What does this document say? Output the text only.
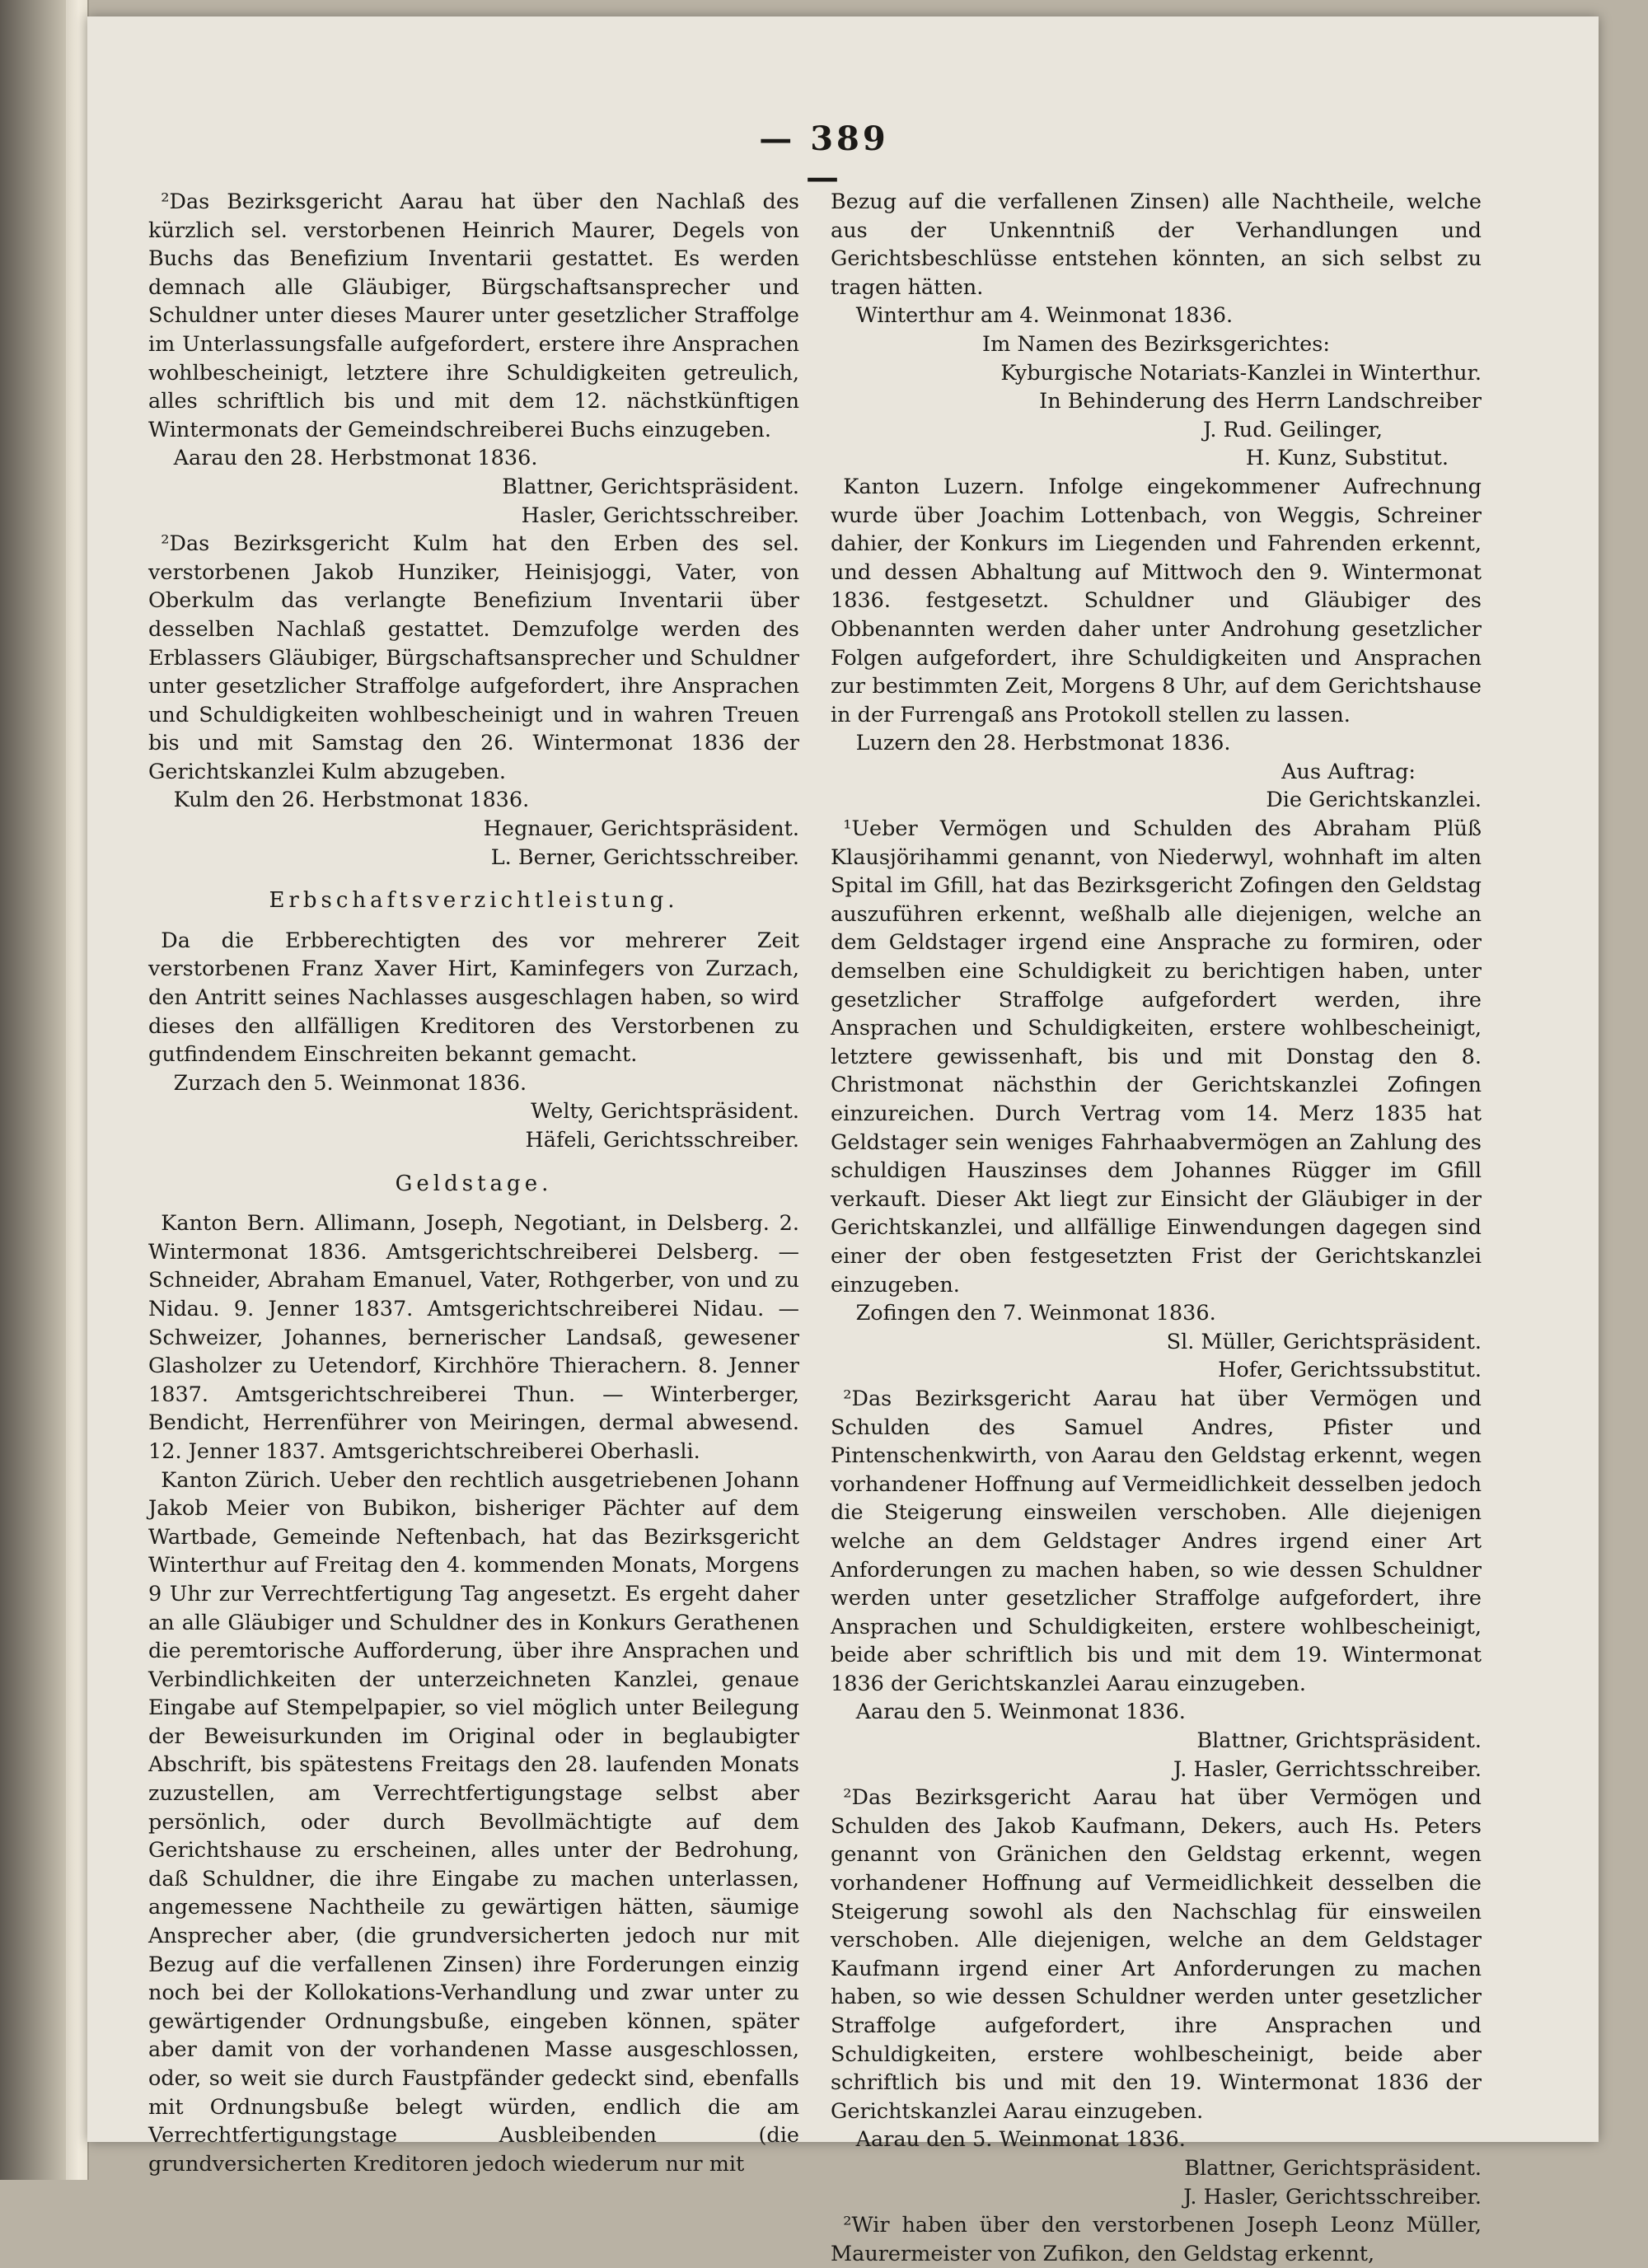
— 389 —

²Das Bezirksgericht Aarau hat über den Nachlaß des kürzlich sel. verstorbenen Heinrich Maurer, Degels von Buchs das Benefizium Inventarii gestattet. Es werden demnach alle Gläubiger, Bürgschaftsansprecher und Schuldner unter dieses Maurer unter gesetzlicher Straffolge im Unterlassungsfalle aufgefordert, erstere ihre Ansprachen wohlbescheinigt, letztere ihre Schuldigkeiten getreulich, alles schriftlich bis und mit dem 12. nächstkünftigen Wintermonats der Gemeindschreiberei Buchs einzugeben.

Aarau den 28. Herbstmonat 1836.

Blattner, Gerichtspräsident.

Hasler, Gerichtsschreiber.

²Das Bezirksgericht Kulm hat den Erben des sel. verstorbenen Jakob Hunziker, Heinisjoggi, Vater, von Oberkulm das verlangte Benefizium Inventarii über desselben Nachlaß gestattet. Demzufolge werden des Erblassers Gläubiger, Bürgschaftsansprecher und Schuldner unter gesetzlicher Straffolge aufgefordert, ihre Ansprachen und Schuldigkeiten wohlbescheinigt und in wahren Treuen bis und mit Samstag den 26. Wintermonat 1836 der Gerichtskanzlei Kulm abzugeben.

Kulm den 26. Herbstmonat 1836.

Hegnauer, Gerichtspräsident.

L. Berner, Gerichtsschreiber.

Erbschaftsverzichtleistung.

Da die Erbberechtigten des vor mehrerer Zeit verstorbenen Franz Xaver Hirt, Kaminfegers von Zurzach, den Antritt seines Nachlasses ausgeschlagen haben, so wird dieses den allfälligen Kreditoren des Verstorbenen zu gutfindendem Einschreiten bekannt gemacht.

Zurzach den 5. Weinmonat 1836.

Welty, Gerichtspräsident.

Häfeli, Gerichtsschreiber.

Geldstage.

Kanton Bern. Allimann, Joseph, Negotiant, in Delsberg. 2. Wintermonat 1836. Amtsgerichtschreiberei Delsberg. — Schneider, Abraham Emanuel, Vater, Rothgerber, von und zu Nidau. 9. Jenner 1837. Amtsgerichtschreiberei Nidau. — Schweizer, Johannes, bernerischer Landsaß, gewesener Glasholzer zu Uetendorf, Kirchhöre Thierachern. 8. Jenner 1837. Amtsgerichtschreiberei Thun. — Winterberger, Bendicht, Herrenführer von Meiringen, dermal abwesend. 12. Jenner 1837. Amtsgerichtschreiberei Oberhasli.

Kanton Zürich. Ueber den rechtlich ausgetriebenen Johann Jakob Meier von Bubikon, bisheriger Pächter auf dem Wartbade, Gemeinde Neftenbach, hat das Bezirksgericht Winterthur auf Freitag den 4. kommenden Monats, Morgens 9 Uhr zur Verrechtfertigung Tag angesetzt. Es ergeht daher an alle Gläubiger und Schuldner des in Konkurs Gerathenen die peremtorische Aufforderung, über ihre Ansprachen und Verbindlichkeiten der unterzeichneten Kanzlei, genaue Eingabe auf Stempelpapier, so viel möglich unter Beilegung der Beweisurkunden im Original oder in beglaubigter Abschrift, bis spätestens Freitags den 28. laufenden Monats zuzustellen, am Verrechtfertigungstage selbst aber persönlich, oder durch Bevollmächtigte auf dem Gerichtshause zu erscheinen, alles unter der Bedrohung, daß Schuldner, die ihre Eingabe zu machen unterlassen, angemessene Nachtheile zu gewärtigen hätten, säumige Ansprecher aber, (die grundversicherten jedoch nur mit Bezug auf die verfallenen Zinsen) ihre Forderungen einzig noch bei der Kollokations-Verhandlung und zwar unter zu gewärtigender Ordnungsbuße, eingeben können, später aber damit von der vorhandenen Masse ausgeschlossen, oder, so weit sie durch Faustpfänder gedeckt sind, ebenfalls mit Ordnungsbuße belegt würden, endlich die am Verrechtfertigungstage Ausbleibenden (die grundversicherten Kreditoren jedoch wiederum nur mit

Bezug auf die verfallenen Zinsen) alle Nachtheile, welche aus der Unkenntniß der Verhandlungen und Gerichtsbeschlüsse entstehen könnten, an sich selbst zu tragen hätten.

Winterthur am 4. Weinmonat 1836.

Im Namen des Bezirksgerichtes:

Kyburgische Notariats-Kanzlei in Winterthur.

In Behinderung des Herrn Landschreiber

J. Rud. Geilinger,

H. Kunz, Substitut.

Kanton Luzern. Infolge eingekommener Aufrechnung wurde über Joachim Lottenbach, von Weggis, Schreiner dahier, der Konkurs im Liegenden und Fahrenden erkennt, und dessen Abhaltung auf Mittwoch den 9. Wintermonat 1836. festgesetzt. Schuldner und Gläubiger des Obbenannten werden daher unter Androhung gesetzlicher Folgen aufgefordert, ihre Schuldigkeiten und Ansprachen zur bestimmten Zeit, Morgens 8 Uhr, auf dem Gerichtshause in der Furrengaß ans Protokoll stellen zu lassen.

Luzern den 28. Herbstmonat 1836.

Aus Auftrag:

Die Gerichtskanzlei.

¹Ueber Vermögen und Schulden des Abraham Plüß Klausjörihammi genannt, von Niederwyl, wohnhaft im alten Spital im Gfill, hat das Bezirksgericht Zofingen den Geldstag auszuführen erkennt, weßhalb alle diejenigen, welche an dem Geldstager irgend eine Ansprache zu formiren, oder demselben eine Schuldigkeit zu berichtigen haben, unter gesetzlicher Straffolge aufgefordert werden, ihre Ansprachen und Schuldigkeiten, erstere wohlbescheinigt, letztere gewissenhaft, bis und mit Donstag den 8. Christmonat nächsthin der Gerichtskanzlei Zofingen einzureichen. Durch Vertrag vom 14. Merz 1835 hat Geldstager sein weniges Fahrhaabvermögen an Zahlung des schuldigen Hauszinses dem Johannes Rügger im Gfill verkauft. Dieser Akt liegt zur Einsicht der Gläubiger in der Gerichtskanzlei, und allfällige Einwendungen dagegen sind einer der oben festgesetzten Frist der Gerichtskanzlei einzugeben.

Zofingen den 7. Weinmonat 1836.

Sl. Müller, Gerichtspräsident.

Hofer, Gerichtssubstitut.

²Das Bezirksgericht Aarau hat über Vermögen und Schulden des Samuel Andres, Pfister und Pintenschenkwirth, von Aarau den Geldstag erkennt, wegen vorhandener Hoffnung auf Vermeidlichkeit desselben jedoch die Steigerung einsweilen verschoben. Alle diejenigen welche an dem Geldstager Andres irgend einer Art Anforderungen zu machen haben, so wie dessen Schuldner werden unter gesetzlicher Straffolge aufgefordert, ihre Ansprachen und Schuldigkeiten, erstere wohlbescheinigt, beide aber schriftlich bis und mit dem 19. Wintermonat 1836 der Gerichtskanzlei Aarau einzugeben.

Aarau den 5. Weinmonat 1836.

Blattner, Grichtspräsident.

J. Hasler, Gerrichtsschreiber.

²Das Bezirksgericht Aarau hat über Vermögen und Schulden des Jakob Kaufmann, Dekers, auch Hs. Peters genannt von Gränichen den Geldstag erkennt, wegen vorhandener Hoffnung auf Vermeidlichkeit desselben die Steigerung sowohl als den Nachschlag für einsweilen verschoben. Alle diejenigen, welche an dem Geldstager Kaufmann irgend einer Art Anforderungen zu machen haben, so wie dessen Schuldner werden unter gesetzlicher Straffolge aufgefordert, ihre Ansprachen und Schuldigkeiten, erstere wohlbescheinigt, beide aber schriftlich bis und mit den 19. Wintermonat 1836 der Gerichtskanzlei Aarau einzugeben.

Aarau den 5. Weinmonat 1836.

Blattner, Gerichtspräsident.

J. Hasler, Gerichtsschreiber.

²Wir haben über den verstorbenen Joseph Leonz Müller, Maurermeister von Zufikon, den Geldstag erkennt,
